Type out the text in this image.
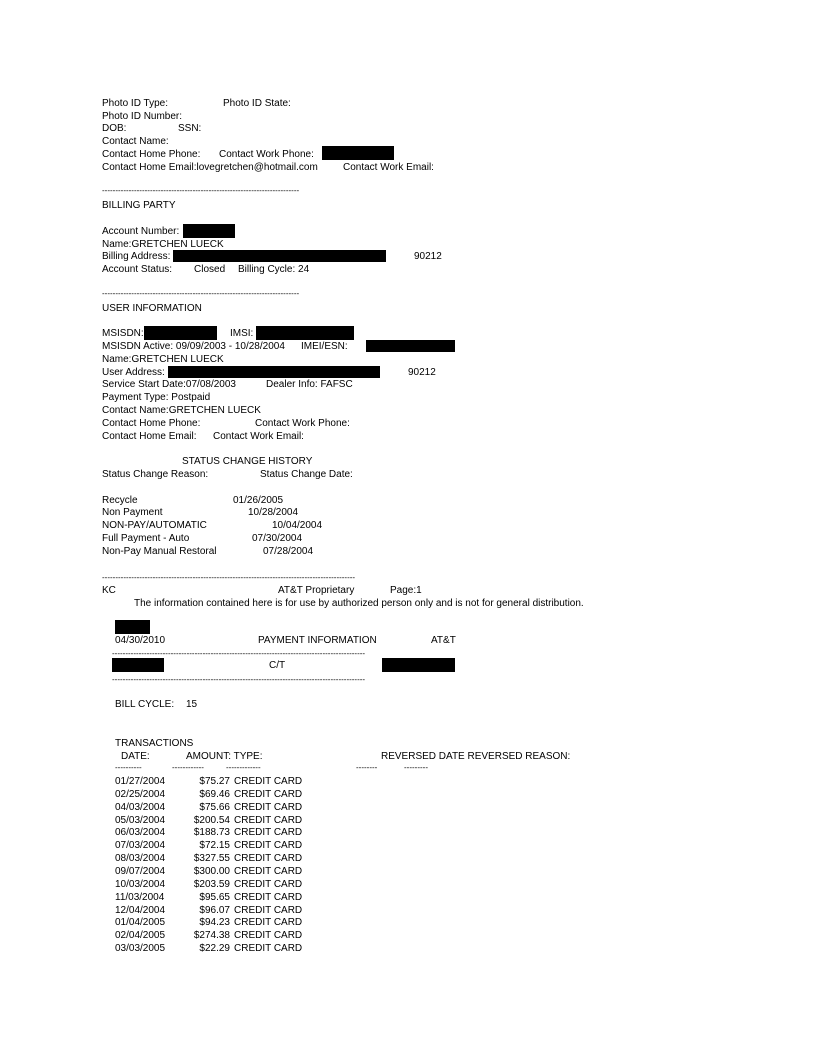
Photo ID Type:	Photo ID State:
Photo ID Number:
DOB:	SSN:
Contact Name:
Contact Home Phone: Contact Work Phone:
Contact Home Email:lovegretchen@hotmail.com	Contact Work Email:
--------------------------------------------------------------------------
BILLING PARTY
Account Number:
Name:GRETCHEN LUECK
Billing Address:	90212
Account Status: Closed Billing Cycle: 24
--------------------------------------------------------------------------
USER INFORMATION
MSISDN:	IMSI:
MSISDN Active: 09/09/2003 - 10/28/2004 IMEI/ESN:
Name:GRETCHEN LUECK
User Address:	90212
Service Start Date:07/08/2003	Dealer Info: FAFSC
Payment Type: Postpaid
Contact Name:GRETCHEN LUECK
Contact Home Phone:	Contact Work Phone:
Contact Home Email: Contact Work Email:
STATUS CHANGE HISTORY
Status Change Reason:	Status Change Date:
Recycle	01/26/2005
Non Payment	10/28/2004
NON-PAY/AUTOMATIC	10/04/2004
Full Payment - Auto	07/30/2004
Non-Pay Manual Restoral	07/28/2004
-----------------------------------------------------------------------------------------------
KC	AT&T Proprietary	Page:1
The information contained here is for use by authorized person only and is not for general distribution.
04/30/2010	PAYMENT INFORMATION	AT&T
-----------------------------------------------------------------------------------------------
C/T
-----------------------------------------------------------------------------------------------
BILL CYCLE: 15
TRANSACTIONS
DATE:	AMOUNT: TYPE:	REVERSED DATE REVERSED REASON:
----------	------------	-------------	--------	---------
01/27/2004	$75.27 CREDIT CARD
02/25/2004	$69.46 CREDIT CARD
04/03/2004	$75.66 CREDIT CARD
05/03/2004	$200.54 CREDIT CARD
06/03/2004	$188.73 CREDIT CARD
07/03/2004	$72.15 CREDIT CARD
08/03/2004	$327.55 CREDIT CARD
09/07/2004	$300.00 CREDIT CARD
10/03/2004	$203.59 CREDIT CARD
11/03/2004	$95.65 CREDIT CARD
12/04/2004	$96.07 CREDIT CARD
01/04/2005	$94.23 CREDIT CARD
02/04/2005	$274.38 CREDIT CARD
03/03/2005	$22.29 CREDIT CARD
